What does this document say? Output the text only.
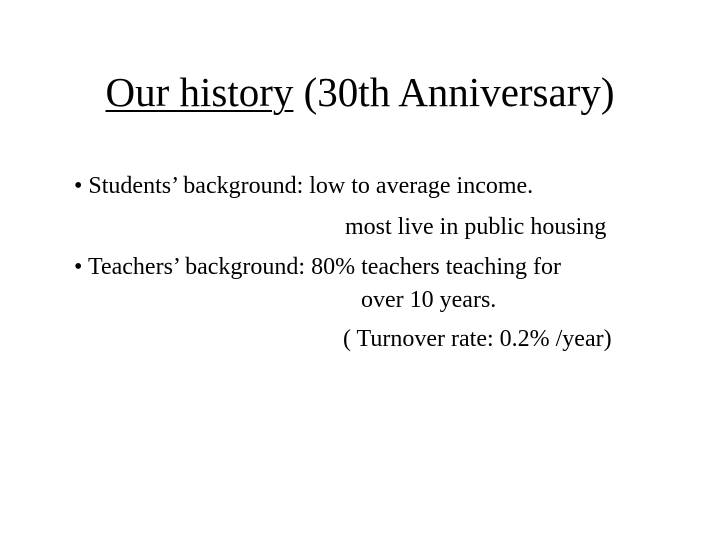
Our history (30th Anniversary)
• Students’ background: low to average income.
most live in public housing
• Teachers’ background: 80% teachers teaching for
over 10 years.
( Turnover rate: 0.2% /year)
